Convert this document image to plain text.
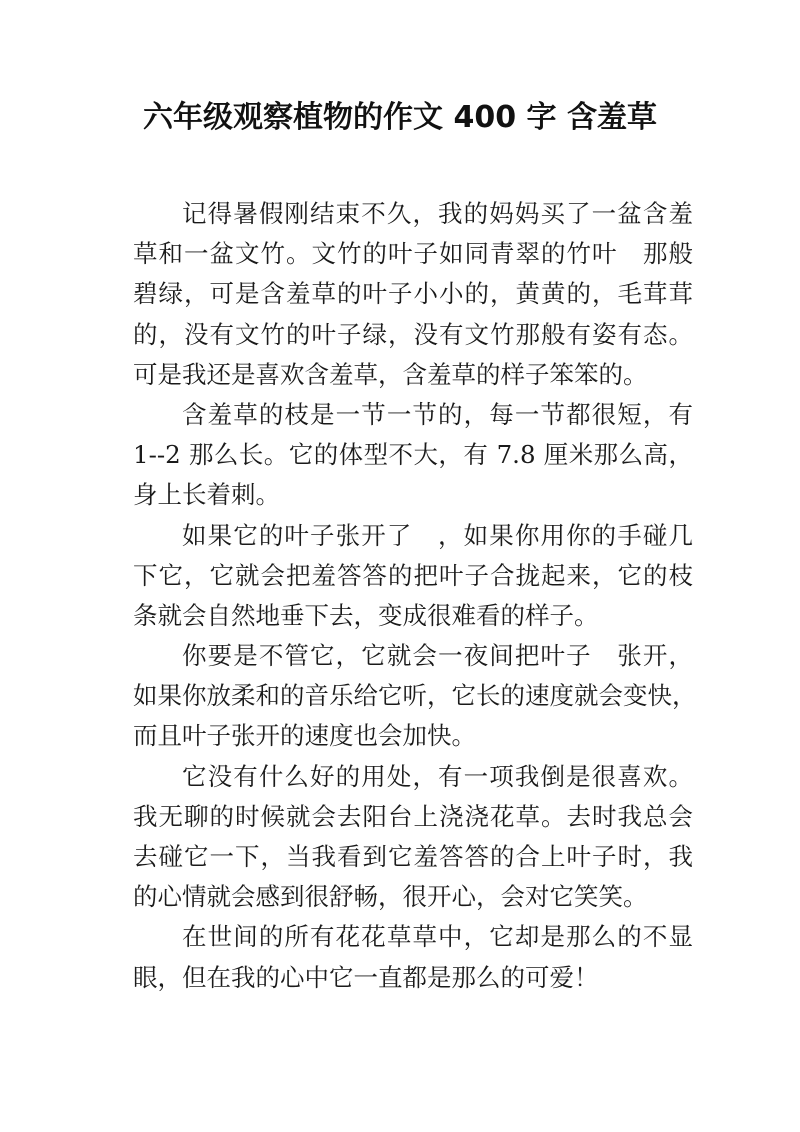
六年级观察植物的作文 400 字 含羞草

记得暑假刚结束不久，我的妈妈买了一盆含羞
草和一盆文竹。文竹的叶子如同青翠的竹叶　那般
碧绿，可是含羞草的叶子小小的，黄黄的，毛茸茸
的，没有文竹的叶子绿，没有文竹那般有姿有态。
可是我还是喜欢含羞草，含羞草的样子笨笨的。

含羞草的枝是一节一节的，每一节都很短，有
1--2 那么长。它的体型不大，有 7.8 厘米那么高，
身上长着刺。

如果它的叶子张开了　，如果你用你的手碰几
下它，它就会把羞答答的把叶子合拢起来，它的枝
条就会自然地垂下去，变成很难看的样子。

你要是不管它，它就会一夜间把叶子　张开，
如果你放柔和的音乐给它听，它长的速度就会变快，
而且叶子张开的速度也会加快。

它没有什么好的用处，有一项我倒是很喜欢。
我无聊的时候就会去阳台上浇浇花草。去时我总会
去碰它一下，当我看到它羞答答的合上叶子时，我
的心情就会感到很舒畅，很开心，会对它笑笑。

在世间的所有花花草草中，它却是那么的不显
眼，但在我的心中它一直都是那么的可爱！
